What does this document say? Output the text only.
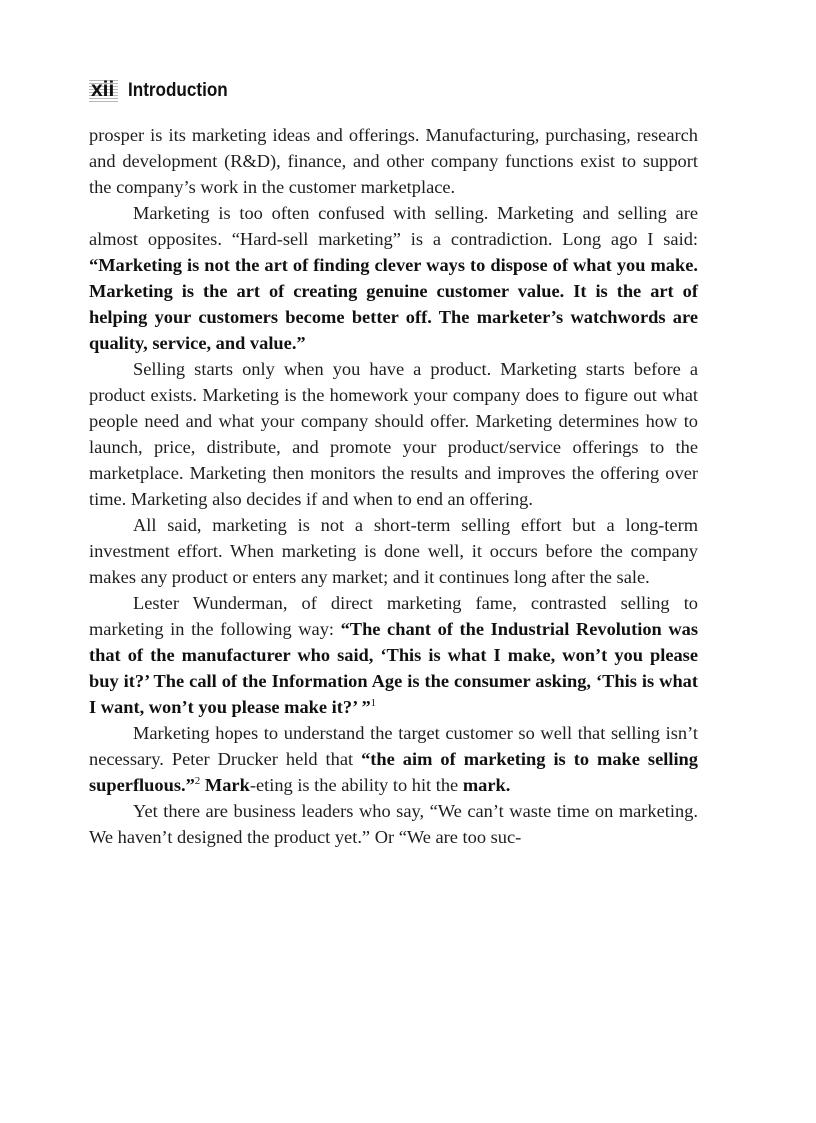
xii Introduction

prosper is its marketing ideas and offerings. Manufacturing, purchasing, research and development (R&D), finance, and other company functions exist to support the company’s work in the customer marketplace.

Marketing is too often confused with selling. Marketing and selling are almost opposites. “Hard-sell marketing” is a contradiction. Long ago I said: “Marketing is not the art of finding clever ways to dispose of what you make. Marketing is the art of creating genuine customer value. It is the art of helping your customers become better off. The marketer’s watchwords are quality, service, and value.”

Selling starts only when you have a product. Marketing starts before a product exists. Marketing is the homework your company does to figure out what people need and what your company should offer. Marketing determines how to launch, price, distribute, and promote your product/service offerings to the marketplace. Marketing then monitors the results and improves the offering over time. Marketing also decides if and when to end an offering.

All said, marketing is not a short-term selling effort but a long-term investment effort. When marketing is done well, it occurs before the company makes any product or enters any market; and it continues long after the sale.

Lester Wunderman, of direct marketing fame, contrasted selling to marketing in the following way: “The chant of the Industrial Revolution was that of the manufacturer who said, ‘This is what I make, won’t you please buy it?’ The call of the Information Age is the consumer asking, ‘This is what I want, won’t you please make it?’ ”$^1$

Marketing hopes to understand the target customer so well that selling isn’t necessary. Peter Drucker held that “the aim of marketing is to make selling superfluous.”$^2$ Mark-eting is the ability to hit the mark.

Yet there are business leaders who say, “We can’t waste time on marketing. We haven’t designed the product yet.” Or “We are too suc-
